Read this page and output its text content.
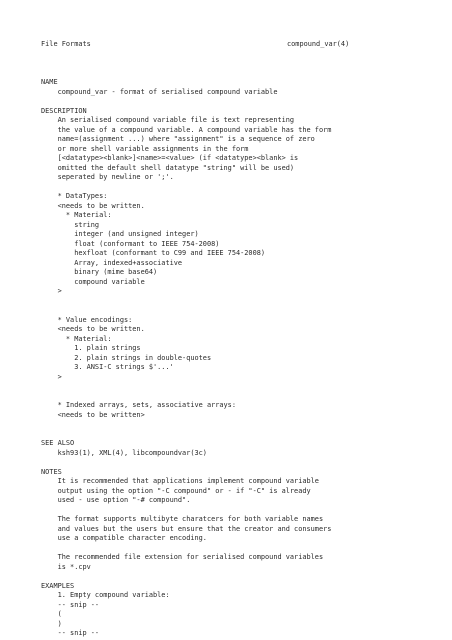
File Formats	compound_var(4)
NAME
compound_var - format of serialised compound variable
DESCRIPTION
An serialised compound variable file is text representing
the value of a compound variable. A compound variable has the form
name=(assignment ...) where "assignment" is a sequence of zero
or more shell variable assignments in the form
[<datatype><blank>]<name>=<value> (if <datatype><blank> is
omitted the default shell datatype "string" will be used)
seperated by newline or ';'.
* DataTypes:
<needs to be written.
* Material:
string
integer (and unsigned integer)
float (conformant to IEEE 754-2008)
hexfloat (conformant to C99 and IEEE 754-2008)
Array, indexed+associative
binary (mime base64)
compound variable
>
* Value encodings:
<needs to be written.
* Material:
1. plain strings
2. plain strings in double-quotes
3. ANSI-C strings $'...'
>
* Indexed arrays, sets, associative arrays:
<needs to be written>
SEE ALSO
ksh93(1), XML(4), libcompoundvar(3c)
NOTES
It is recommended that applications implement compound variable
output using the option "-C compound" or - if "-C" is already
used - use option "-# compound".
The format supports multibyte charatcers for both variable names
and values but the users but ensure that the creator and consumers
use a compatible character encoding.
The recommended file extension for serialised compound variables
is *.cpv
EXAMPLES
1. Empty compound variable:
-- snip --
(
)
-- snip --
